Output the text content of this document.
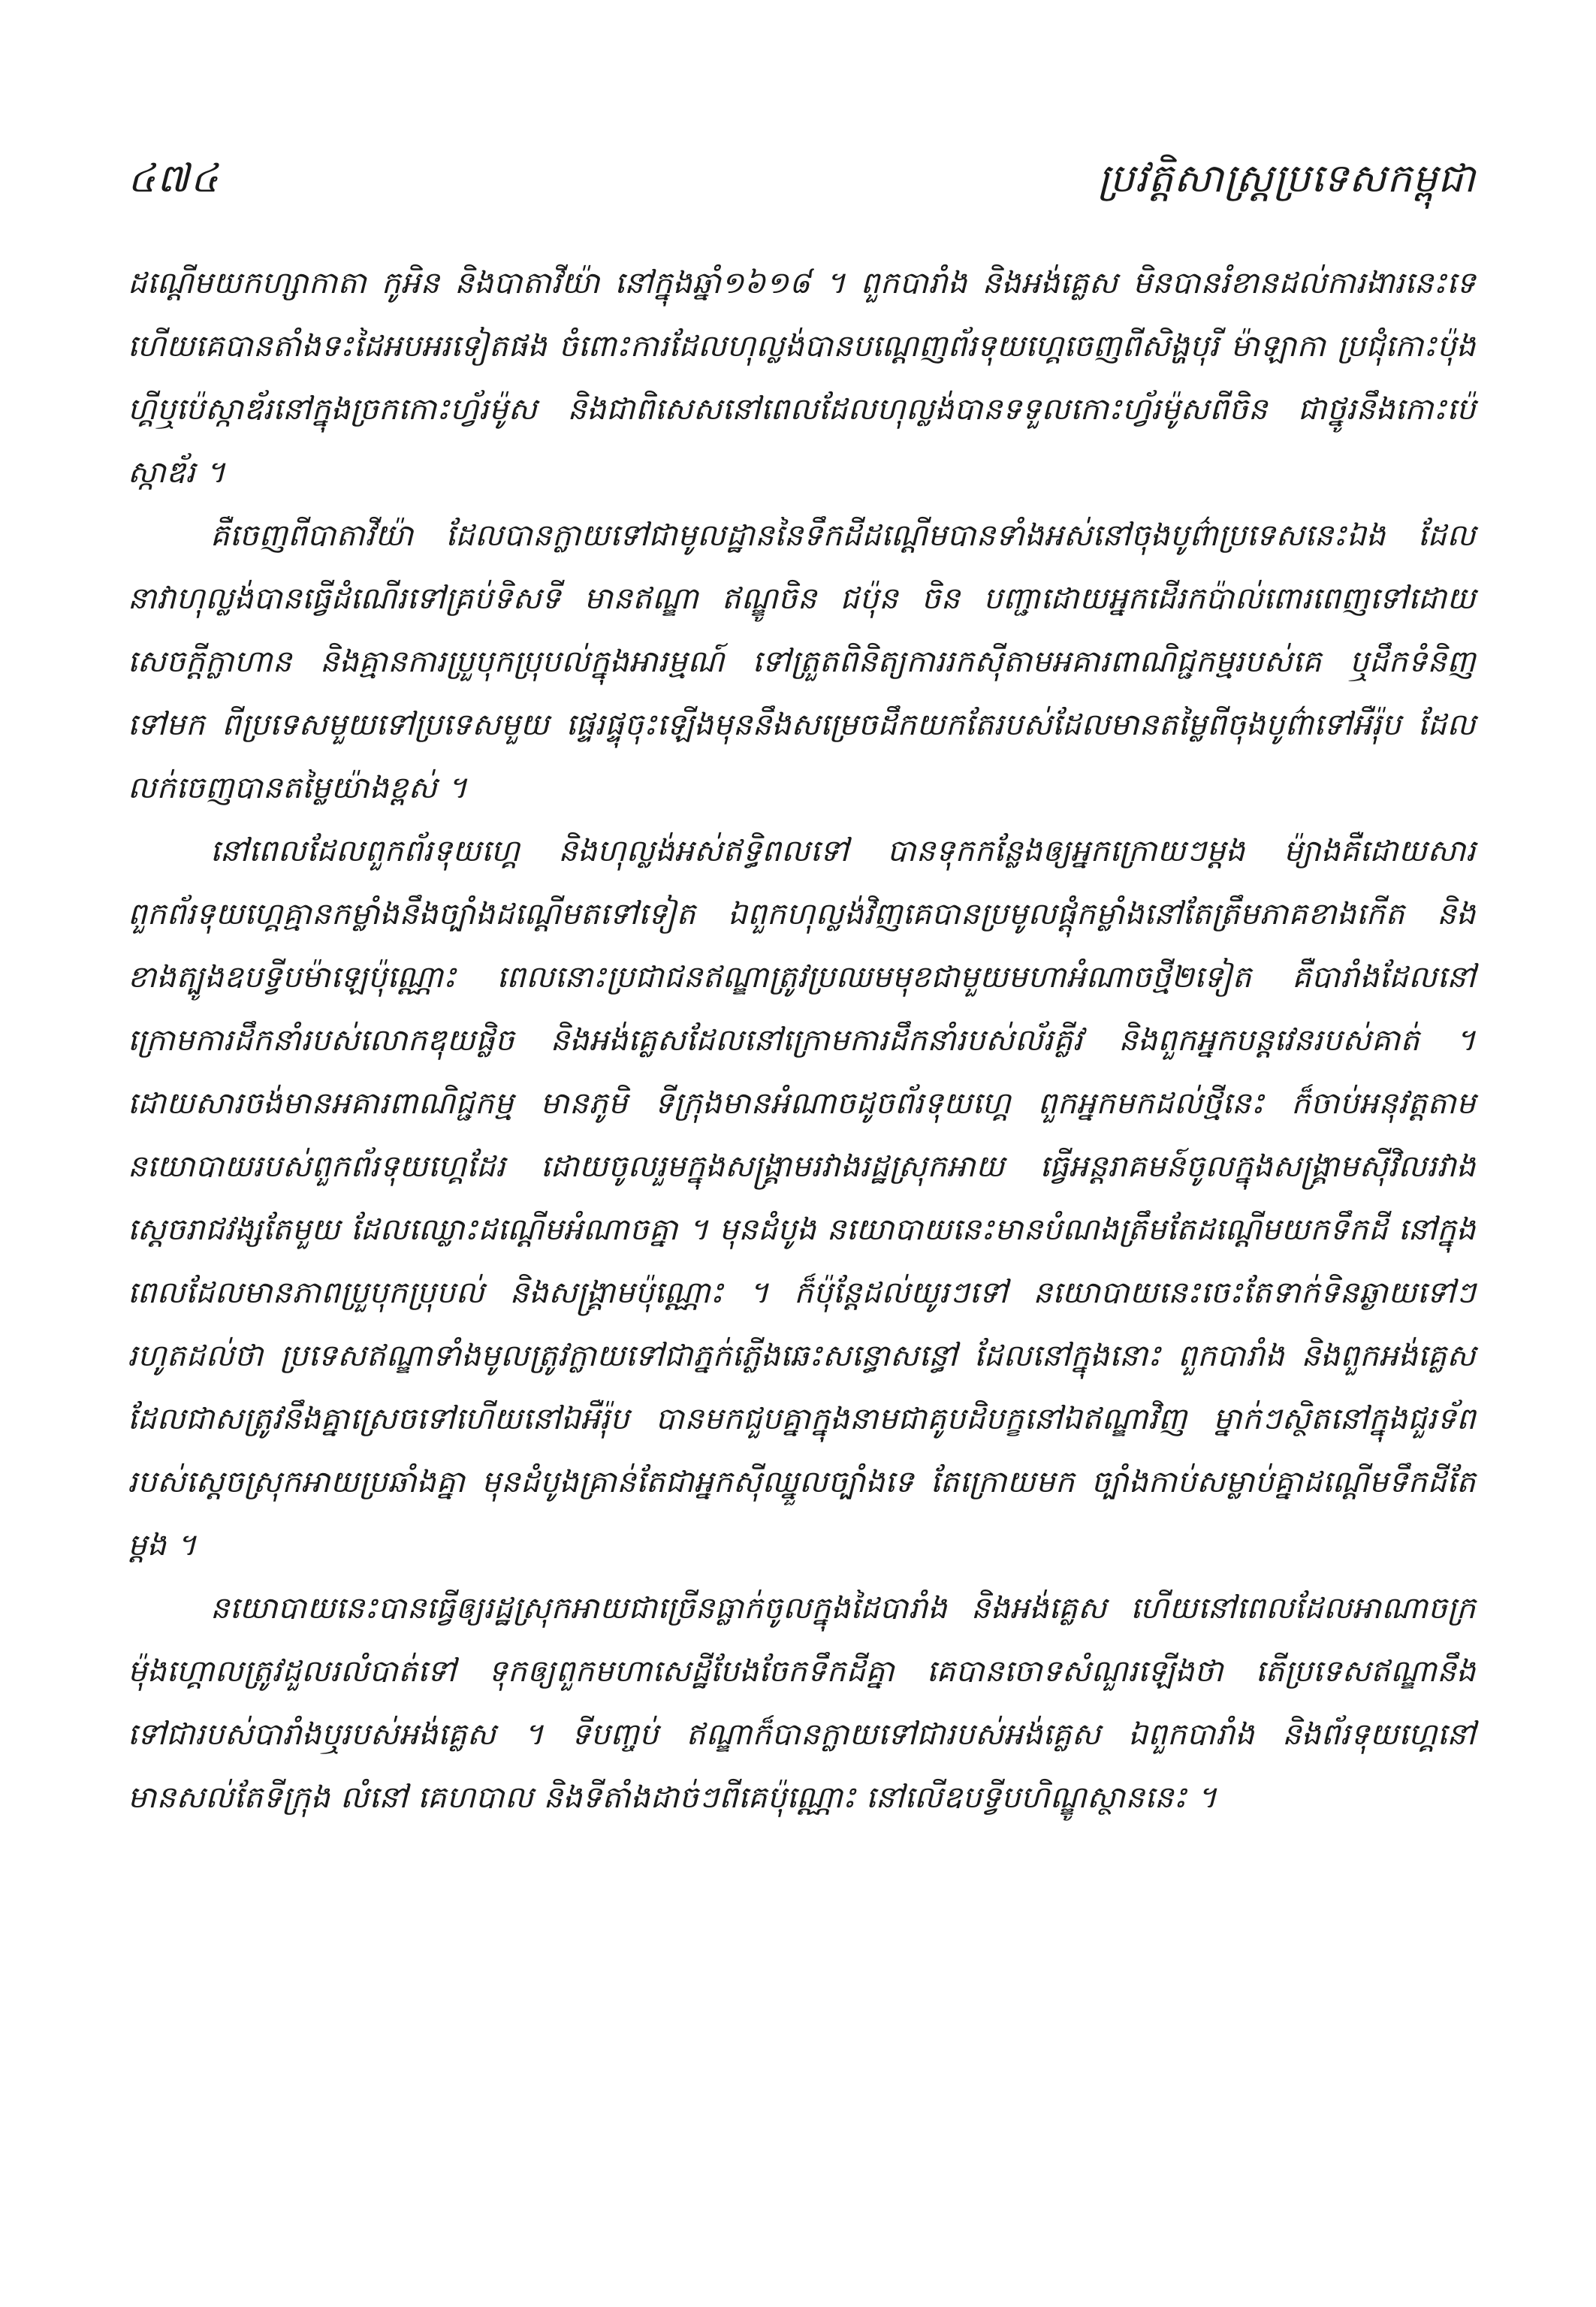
៤៧៤	ប្រវត្តិសាស្ត្រប្រទេសកម្ពុជា

ដណ្តើមយកហ្សាកាតា កូអិន និងបាតាវីយ៉ា នៅក្នុងឆ្នាំ១៦១៨ ។ ពួកបារាំង និងអង់គ្លេស មិនបានរំខានដល់ការងារនេះទេ ហើយគេបានតាំងទះដៃអបអរទៀតផង ចំពោះការដែលហុល្លង់បានបណ្តេញព័រទុយហ្គេចេញពីសិង្ហបុរី ម៉ាឡាកា ប្រជុំកោះប៉ុងហ្គីឬប៉េស្កាឌ័រនៅក្នុងច្រកកោះហ្វ័រម៉ូស និងជាពិសេសនៅពេលដែលហុល្លង់បានទទួលកោះហ្វ័រម៉ូសពីចិន ជាថ្នូរនឹងកោះប៉េស្កាឌ័រ ។

គឺចេញពីបាតាវីយ៉ា ដែលបានក្លាយទៅជាមូលដ្ឋាននៃទឹកដីដណ្តើមបានទាំងអស់នៅចុងបូព៌ាប្រទេសនេះឯង ដែលនាវាហុល្លង់បានធ្វើដំណើរទៅគ្រប់ទិសទី មានឥណ្ឌា ឥណ្ឌូចិន ជប៉ុន ចិន បញ្ជាដោយអ្នកដើរកប៉ាល់ពោរពេញទៅដោយសេចក្តីក្លាហាន និងគ្មានការប្រួបុកប្រុបល់ក្នុងអារម្មណ៍ ទៅត្រួតពិនិត្យការរកស៊ីតាមអគារពាណិជ្ជកម្មរបស់គេ ឬដឹកទំនិញទៅមក ពីប្រទេសមួយទៅប្រទេសមួយ ផ្ទេរផ្ទុចុះឡើងមុននឹងសម្រេចដឹកយកតែរបស់ដែលមានតម្លៃពីចុងបូព៌ាទៅអឺរ៉ុប ដែលលក់ចេញបានតម្លៃយ៉ាងខ្ពស់ ។

នៅពេលដែលពួកព័រទុយហ្គេ និងហុល្លង់អស់ឥទ្ធិពលទៅ បានទុកកន្លែងឲ្យអ្នកក្រោយៗម្តង ម៉្យាងគឺដោយសារពួកព័រទុយហ្គេគ្មានកម្លាំងនឹងច្បាំងដណ្តើមតទៅទៀត ឯពួកហុល្លង់វិញគេបានប្រមូលផ្តុំកម្លាំងនៅតែត្រឹមភាគខាងកើត និងខាងត្បូងឧបទ្វីបម៉ាឡេប៉ុណ្ណោះ ពេលនោះប្រជាជនឥណ្ឌាត្រូវប្រឈមមុខជាមួយមហាអំណាចថ្មី២ទៀត គឺបារាំងដែលនៅក្រោមការដឹកនាំរបស់លោកឌុយផ្លិច និងអង់គ្លេសដែលនៅក្រោមការដឹកនាំរបស់ល័រគ្លីវ និងពួកអ្នកបន្តវេនរបស់គាត់ ។ ដោយសារចង់មានអគារពាណិជ្ជកម្ម មានភូមិ ទីក្រុងមានអំណាចដូចព័រទុយហ្គេ ពួកអ្នកមកដល់ថ្មីនេះ ក៏ចាប់អនុវត្តតាមនយោបាយរបស់ពួកព័រទុយហ្គេដែរ ដោយចូលរួមក្នុងសង្គ្រាមរវាងរដ្ឋស្រុកអាយ ធ្វើអន្តរាគមន៍ចូលក្នុងសង្គ្រាមស៊ីវិលរវាងស្តេចរាជវង្សតែមួយ ដែលឈ្លោះដណ្តើមអំណាចគ្នា ។ មុនដំបូង នយោបាយនេះមានបំណងត្រឹមតែដណ្តើមយកទឹកដី នៅក្នុងពេលដែលមានភាពប្រួបុកប្រុបល់ និងសង្គ្រាមប៉ុណ្ណោះ ។ ក៏ប៉ុន្តែដល់យូរៗទៅ នយោបាយនេះចេះតែទាក់ទិនឆ្ងាយទៅៗ រហូតដល់ថា ប្រទេសឥណ្ឌាទាំងមូលត្រូវក្លាយទៅជាភ្នក់ភ្លើងឆេះសន្ធោសន្ធៅ ដែលនៅក្នុងនោះ ពួកបារាំង និងពួកអង់គ្លេស ដែលជាសត្រូវនឹងគ្នាស្រេចទៅហើយនៅឯអឺរ៉ុប បានមកជួបគ្នាក្នុងនាមជាគូបដិបក្ខនៅឯឥណ្ឌាវិញ ម្នាក់ៗស្ថិតនៅក្នុងជួរទ័ពរបស់ស្តេចស្រុកអាយប្រឆាំងគ្នា មុនដំបូងគ្រាន់តែជាអ្នកស៊ីឈ្នួលច្បាំងទេ តែក្រោយមក ច្បាំងកាប់សម្លាប់គ្នាដណ្តើមទឹកដីតែម្តង ។

នយោបាយនេះបានធ្វើឲ្យរដ្ឋស្រុកអាយជាច្រើនធ្លាក់ចូលក្នុងដៃបារាំង និងអង់គ្លេស ហើយនៅពេលដែលអាណាចក្រម៉ុងហ្គោលត្រូវដួលរលំបាត់ទៅ ទុកឲ្យពួកមហាសេដ្ឋីបែងចែកទឹកដីគ្នា គេបានចោទសំណួរឡើងថា តើប្រទេសឥណ្ឌានឹងទៅជារបស់បារាំងឬរបស់អង់គ្លេស ។ ទីបញ្ចប់ ឥណ្ឌាក៏បានក្លាយទៅជារបស់អង់គ្លេស ឯពួកបារាំង និងព័រទុយហ្គេនៅមានសល់តែទីក្រុង លំនៅ គេហបាល និងទីតាំងដាច់ៗពីគេប៉ុណ្ណោះ នៅលើឧបទ្វីបហិណ្ឌូស្ថាននេះ ។
